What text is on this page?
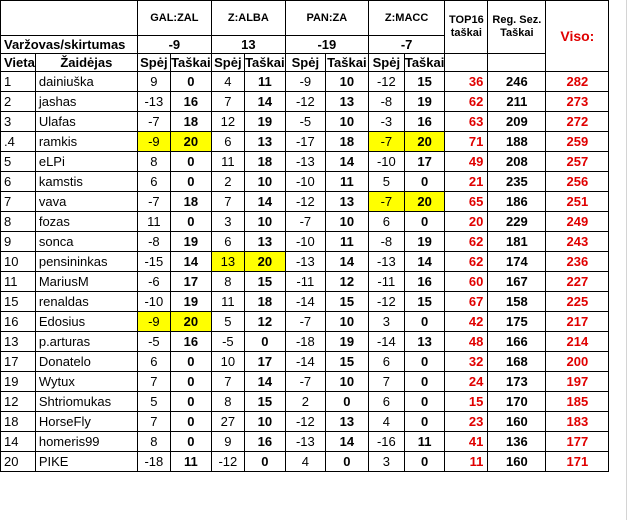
		GAL:ZAL		Z:ALBA		PAN:ZA		Z:MACC		TOP16 taškai	Reg. Sez. Taškai	Viso:
Varžovas/skirtumas		-9		13		-19		-7				
Vieta	Žaidėjas	Spėj	Taškai	Spėj	Taškai	Spėj	Taškai	Spėj	Taškai			
1	dainiuška	9	0	4	11	-9	10	-12	15	36	246	282
2	jashas	-13	16	7	14	-12	13	-8	19	62	211	273
3	Ulafas	-7	18	12	19	-5	10	-3	16	63	209	272
.4	ramkis	-9	20	6	13	-17	18	-7	20	71	188	259
5	eLPi	8	0	11	18	-13	14	-10	17	49	208	257
6	kamstis	6	0	2	10	-10	11	5	0	21	235	256
7	vava	-7	18	7	14	-12	13	-7	20	65	186	251
8	fozas	11	0	3	10	-7	10	6	0	20	229	249
9	sonca	-8	19	6	13	-10	11	-8	19	62	181	243
10	pensininkas	-15	14	13	20	-13	14	-13	14	62	174	236
11	MariusM	-6	17	8	15	-11	12	-11	16	60	167	227
15	renaldas	-10	19	11	18	-14	15	-12	15	67	158	225
16	Edosius	-9	20	5	12	-7	10	3	0	42	175	217
13	p.arturas	-5	16	-5	0	-18	19	-14	13	48	166	214
17	Donatelo	6	0	10	17	-14	15	6	0	32	168	200
19	Wytux	7	0	7	14	-7	10	7	0	24	173	197
12	Shtriomukas	5	0	8	15	2	0	6	0	15	170	185
18	HorseFly	7	0	27	10	-12	13	4	0	23	160	183
14	homeris99	8	0	9	16	-13	14	-16	11	41	136	177
20	PIKE	-18	11	-12	0	4	0	3	0	11	160	171
